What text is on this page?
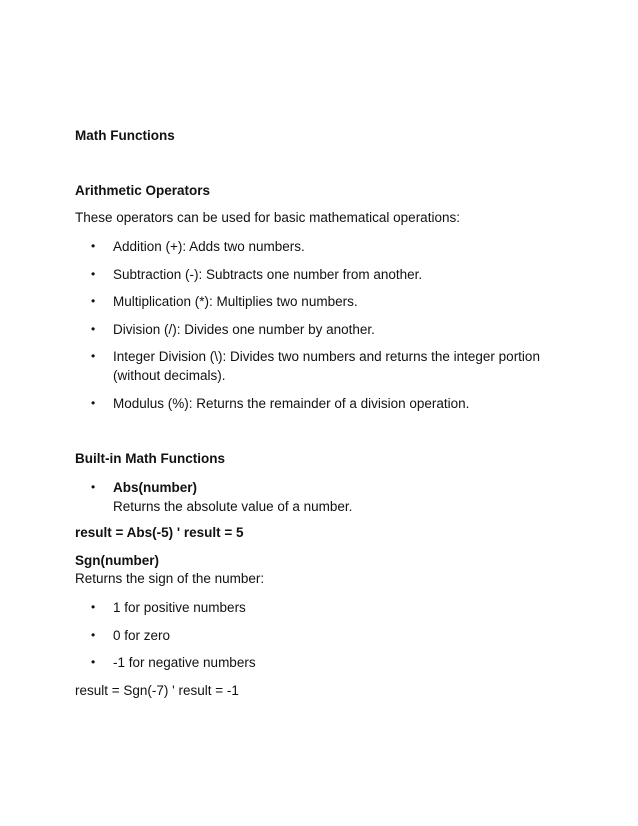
Math Functions
Arithmetic Operators
These operators can be used for basic mathematical operations:
• Addition (+): Adds two numbers.
• Subtraction (-): Subtracts one number from another.
• Multiplication (*): Multiplies two numbers.
• Division (/): Divides one number by another.
• Integer Division (\): Divides two numbers and returns the integer portion (without decimals).
• Modulus (%): Returns the remainder of a division operation.
Built-in Math Functions
• Abs(number)
Returns the absolute value of a number.
result = Abs(-5) ' result = 5
Sgn(number)
Returns the sign of the number:
• 1 for positive numbers
• 0 for zero
• -1 for negative numbers
result = Sgn(-7) ' result = -1
